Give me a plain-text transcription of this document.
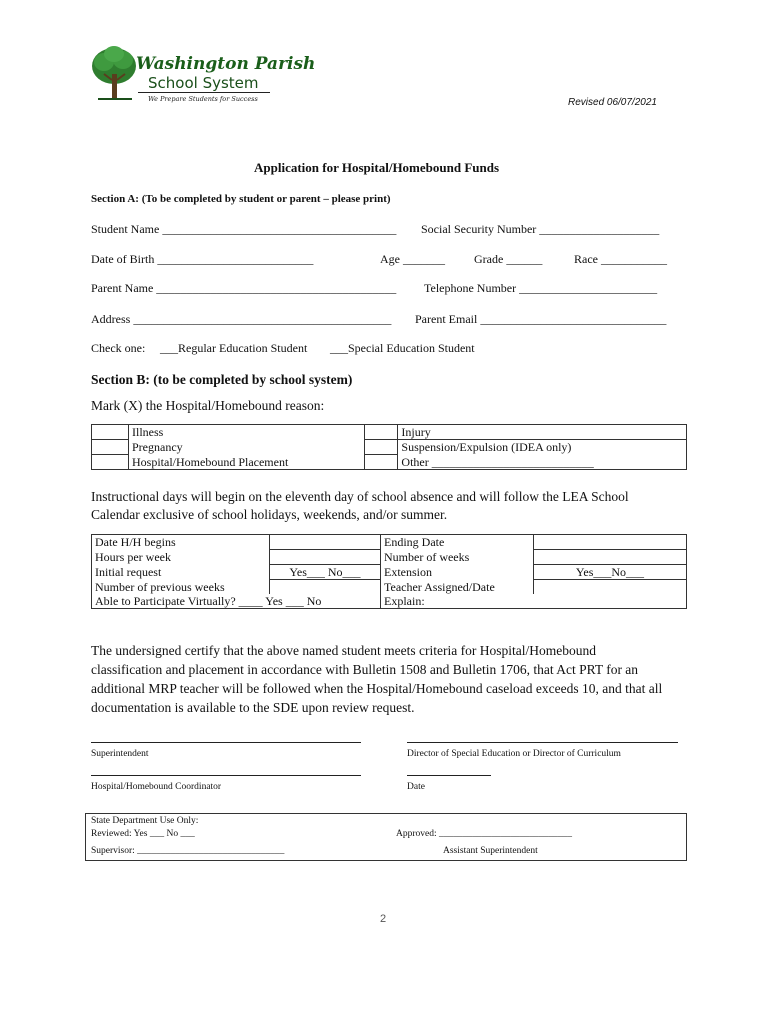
Washington Parish

School System

We Prepare Students for Success	Revised 06/07/2021
Application for Hospital/Homebound Funds
Section A: (To be completed by student or parent – please print)
Student Name _______________________________________ Social Security Number ____________________
Date of Birth __________________________	Age _______ Grade ______	Race ___________
Parent Name ________________________________________ Telephone Number _______________________
Address ___________________________________________ Parent Email _______________________________
Check one: ___Regular Education Student ___Special Education Student
Section B: (to be completed by school system)
Mark (X) the Hospital/Homebound reason:
	Illness		Injury
	Pregnancy		Suspension/Expulsion (IDEA only)
	Hospital/Homebound Placement		Other ___________________________
Instructional days will begin on the eleventh day of school absence and will follow the LEA School
Calendar exclusive of school holidays, weekends, and/or summer.
Date H/H begins		Ending Date	
Hours per week		Number of weeks	
Initial request	Yes___ No___	Extension	Yes___No___
Number of previous weeks		Teacher Assigned/Date	
Able to Participate Virtually? ____ Yes ___ No		Explain:	
The undersigned certify that the above named student meets criteria for Hospital/Homebound
classification and placement in accordance with Bulletin 1508 and Bulletin 1706, that Act PRT for an
additional MRP teacher will be followed when the Hospital/Homebound caseload exceeds 10, and that all
documentation is available to the SDE upon review request.
Superintendent	Director of Special Education or Director of Curriculum
Hospital/Homebound Coordinator	Date
State Department Use Only:
Reviewed: Yes ___ No ___	Approved: ____________________________
Supervisor: _______________________________	Assistant Superintendent
2
